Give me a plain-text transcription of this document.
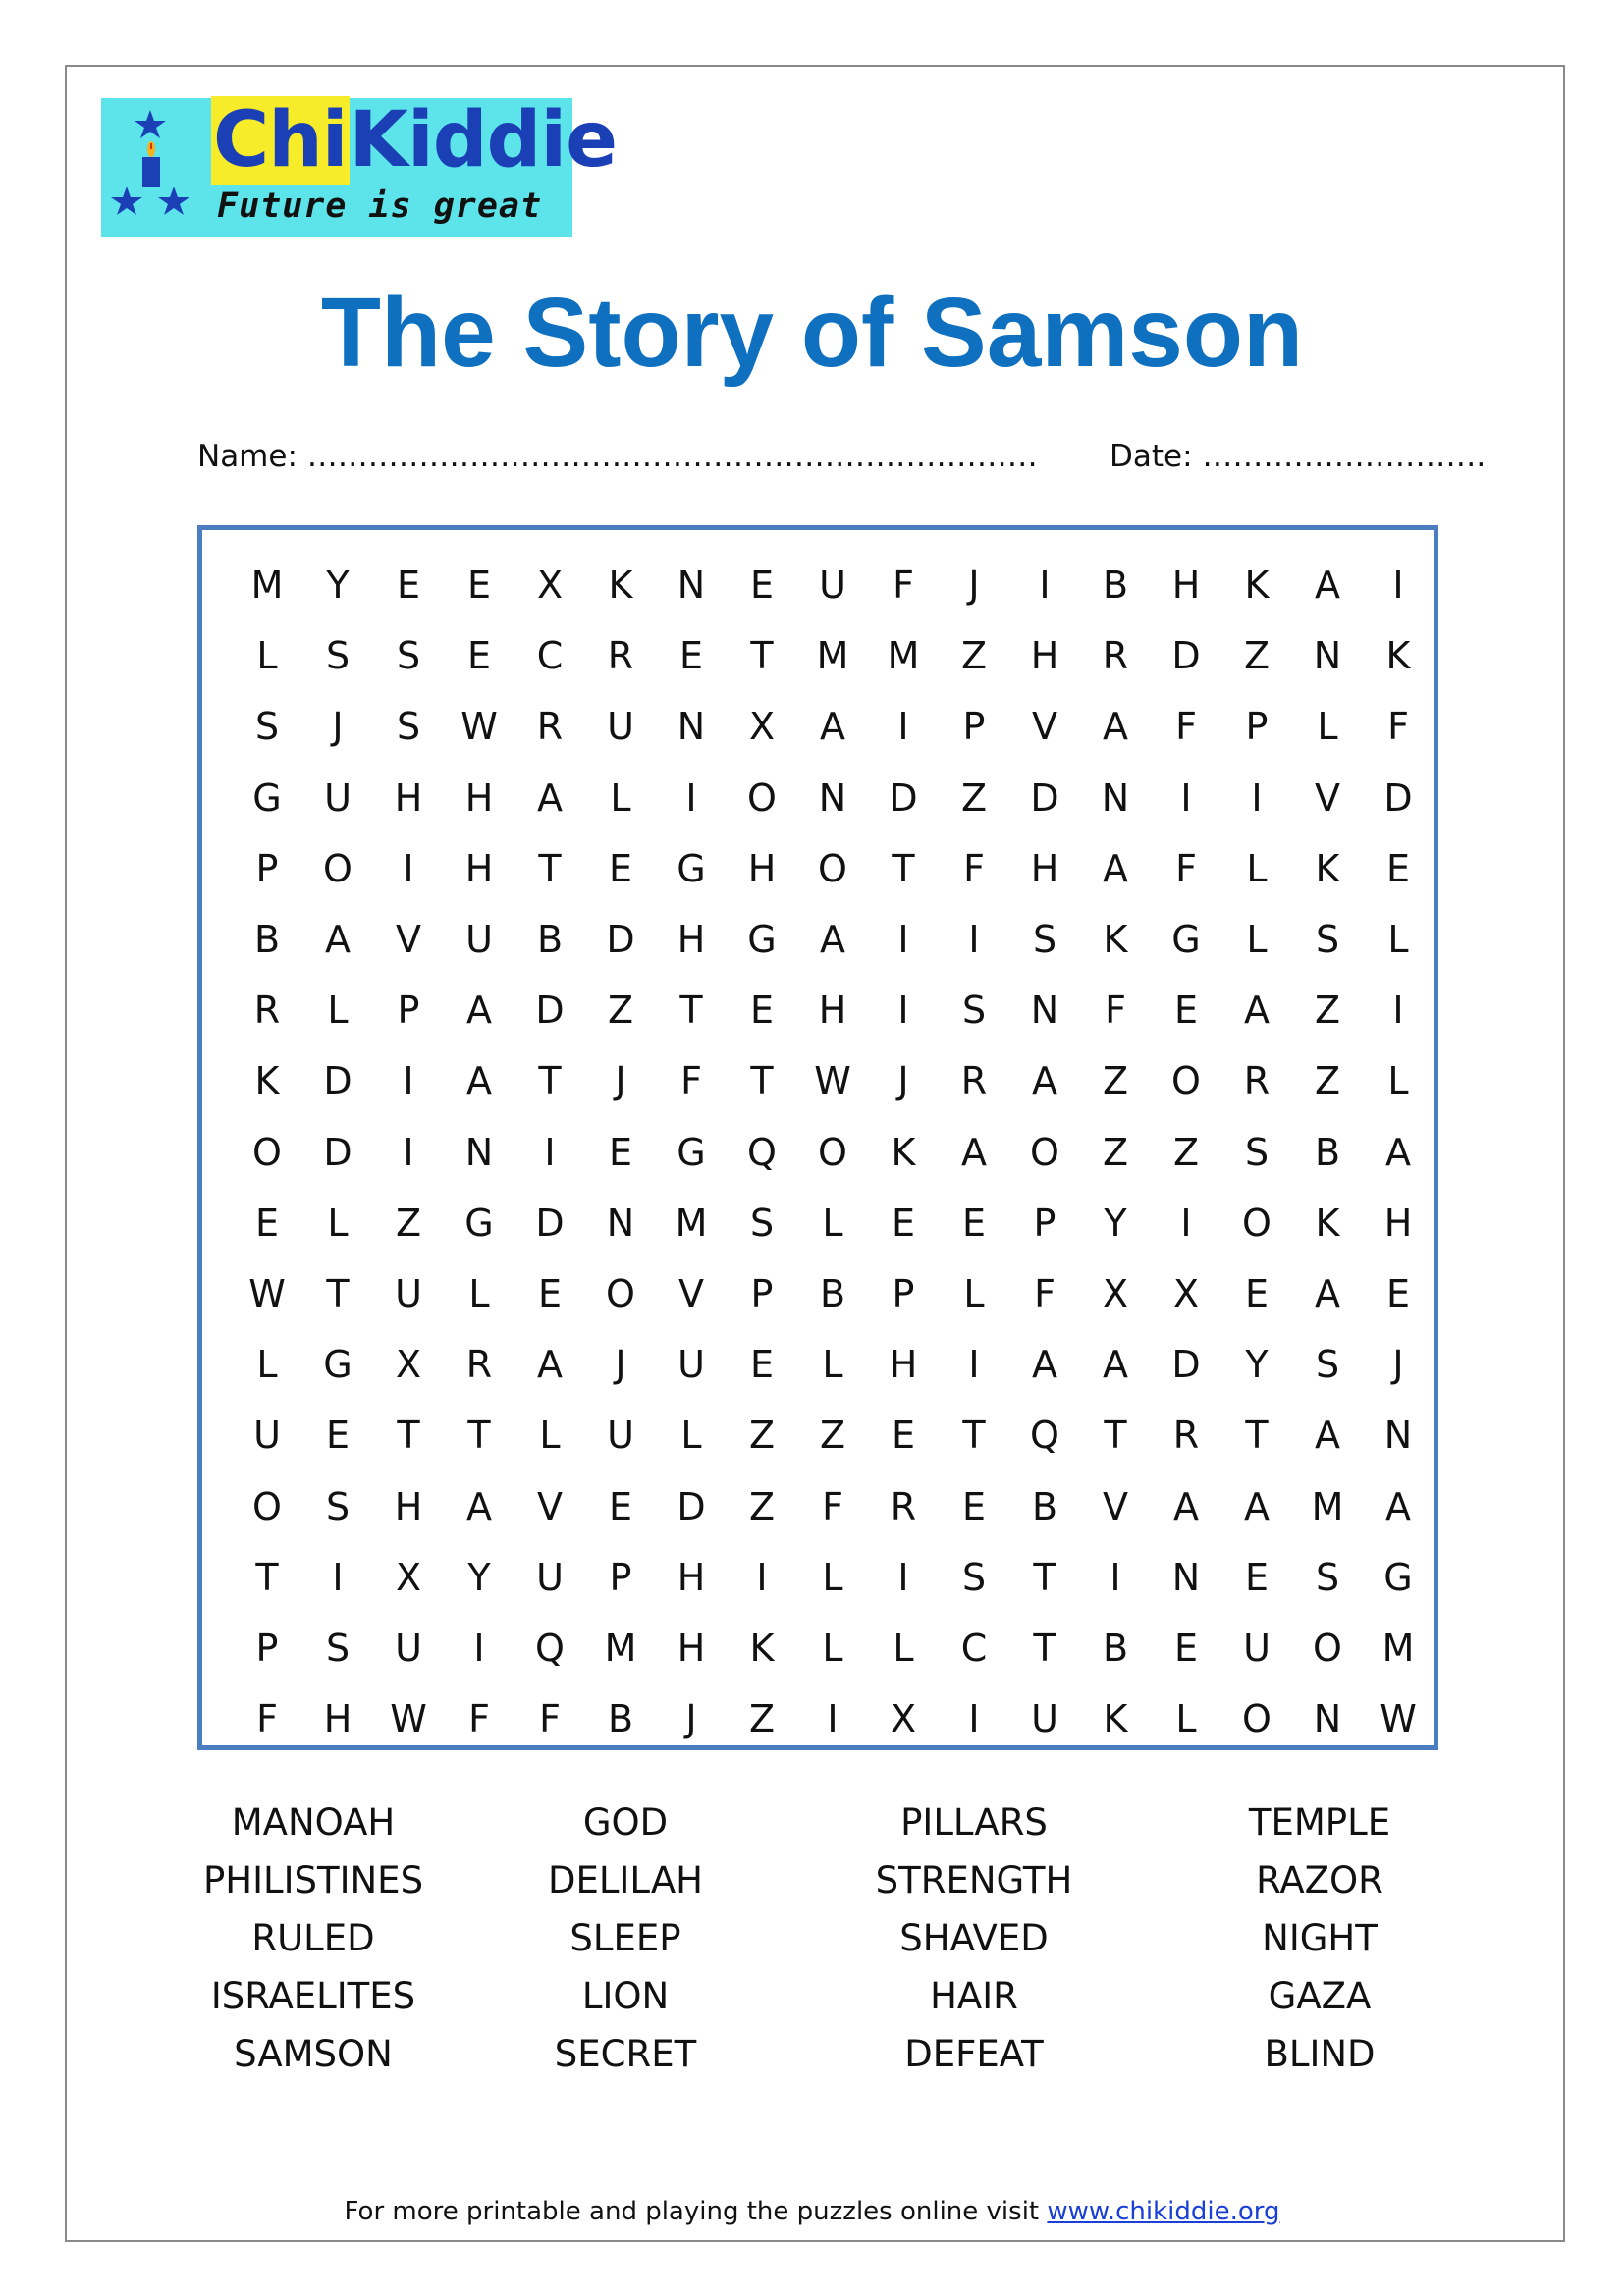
ChiKiddie
Future is great
The Story of Samson
Name: ……………………………………………………………… Date: ……………………….
M	Y	E	E	X	K	N	E	U	F	J	I	B	H	K	A	I
L	S	S	E	C	R	E	T	M	M	Z	H	R	D	Z	N	K
S	J	S	W	R	U	N	X	A	I	P	V	A	F	P	L	F
G	U	H	H	A	L	I	O	N	D	Z	D	N	I	I	V	D
P	O	I	H	T	E	G	H	O	T	F	H	A	F	L	K	E
B	A	V	U	B	D	H	G	A	I	I	S	K	G	L	S	L
R	L	P	A	D	Z	T	E	H	I	S	N	F	E	A	Z	I
K	D	I	A	T	J	F	T	W	J	R	A	Z	O	R	Z	L
O	D	I	N	I	E	G	Q	O	K	A	O	Z	Z	S	B	A
E	L	Z	G	D	N	M	S	L	E	E	P	Y	I	O	K	H
W	T	U	L	E	O	V	P	B	P	L	F	X	X	E	A	E
L	G	X	R	A	J	U	E	L	H	I	A	A	D	Y	S	J
U	E	T	T	L	U	L	Z	Z	E	T	Q	T	R	T	A	N
O	S	H	A	V	E	D	Z	F	R	E	B	V	A	A	M	A
T	I	X	Y	U	P	H	I	L	I	S	T	I	N	E	S	G
P	S	U	I	Q	M	H	K	L	L	C	T	B	E	U	O	M
F	H	W	F	F	B	J	Z	I	X	I	U	K	L	O	N	W
MANOAH	GOD	PILLARS	TEMPLE
PHILISTINES	DELILAH	STRENGTH	RAZOR
RULED	SLEEP	SHAVED	NIGHT
ISRAELITES	LION	HAIR	GAZA
SAMSON	SECRET	DEFEAT	BLIND
For more printable and playing the puzzles online visit www.chikiddie.org
